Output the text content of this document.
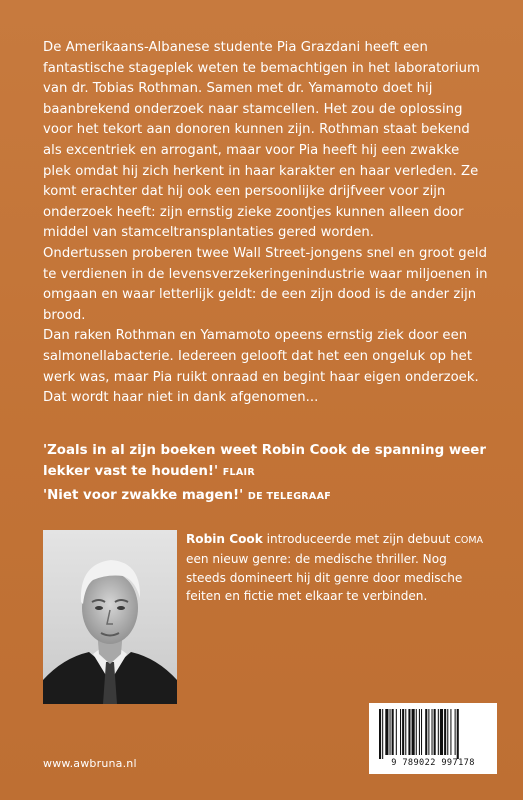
De Amerikaans-Albanese studente Pia Grazdani heeft een fantastische stageplek weten te bemachtigen in het laboratorium van dr. Tobias Rothman. Samen met dr. Yamamoto doet hij baanbrekend onderzoek naar stamcellen. Het zou de oplossing voor het tekort aan donoren kunnen zijn. Rothman staat bekend als excentriek en arrogant, maar voor Pia heeft hij een zwakke plek omdat hij zich herkent in haar karakter en haar verleden. Ze komt erachter dat hij ook een persoonlijke drijfveer voor zijn onderzoek heeft: zijn ernstig zieke zoontjes kunnen alleen door middel van stamceltransplantaties gered worden.

Ondertussen proberen twee Wall Street-jongens snel en groot geld te verdienen in de levensverzekeringenindustrie waar miljoenen in omgaan en waar letterlijk geldt: de een zijn dood is de ander zijn brood.

Dan raken Rothman en Yamamoto opeens ernstig ziek door een salmonellabacterie. Iedereen gelooft dat het een ongeluk op het werk was, maar Pia ruikt onraad en begint haar eigen onderzoek. Dat wordt haar niet in dank afgenomen...

'Zoals in al zijn boeken weet Robin Cook de spanning weer lekker vast te houden!' FLAIR
'Niet voor zwakke magen!' DE TELEGRAAF
Robin Cook introduceerde met zijn debuut COMA een nieuw genre: de medische thriller. Nog steeds domineert hij dit genre door medische feiten en fictie met elkaar te verbinden.
www.awbruna.nl	9 789022 997178
